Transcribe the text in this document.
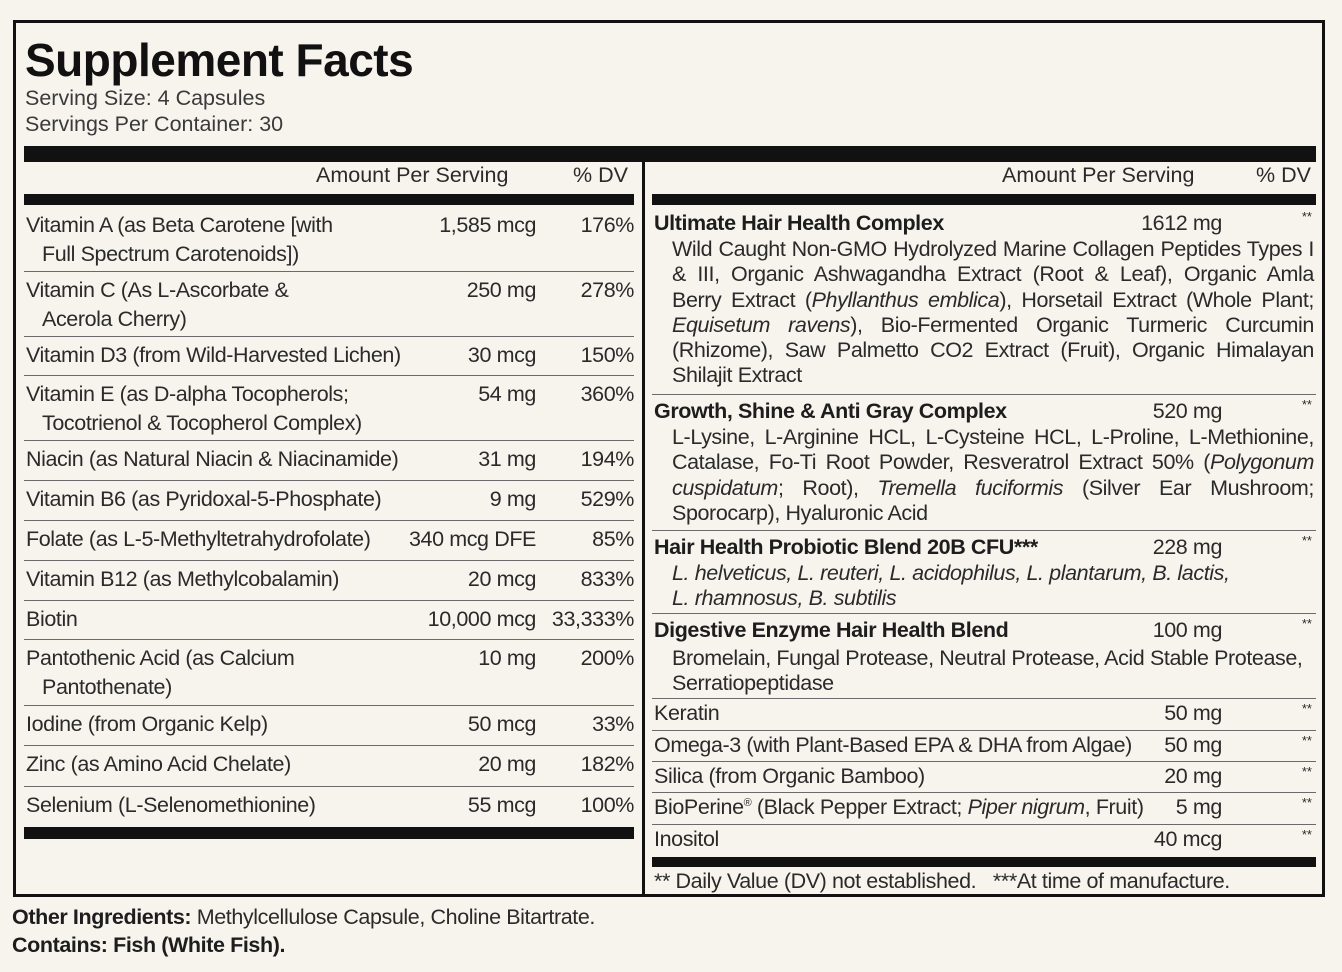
Supplement Facts
Serving Size: 4 Capsules
Servings Per Container: 30
Amount Per Serving	% DV	Amount Per Serving	% DV
Vitamin A (as Beta Carotene [with
Full Spectrum Carotenoids])
1,585 mcg 176%
Vitamin C (As L-Ascorbate &
Acerola Cherry)
250 mg 278%
Vitamin D3 (from Wild-Harvested Lichen)	30 mcg 150%
Vitamin E (as D-alpha Tocopherols;
Tocotrienol & Tocopherol Complex)
54 mg 360%
Niacin (as Natural Niacin & Niacinamide)	31 mg 194%
Vitamin B6 (as Pyridoxal-5-Phosphate)	9 mg 529%
Folate (as L-5-Methyltetrahydrofolate)	340 mcg DFE	85%
Vitamin B12 (as Methylcobalamin)	20 mcg 833%
Biotin	10,000 mcg 33,333%
Pantothenic Acid (as Calcium
Pantothenate)
10 mg 200%
Iodine (from Organic Kelp)	50 mcg	33%
Zinc (as Amino Acid Chelate)	20 mg 182%
Selenium (L-Selenomethionine)	55 mcg 100%
Ultimate Hair Health Complex	1612 mg	**
Wild Caught Non-GMO Hydrolyzed Marine Collagen Peptides Types I & III, Organic Ashwagandha Extract (Root & Leaf), Organic Amla Berry Extract (Phyllanthus emblica), Horsetail Extract (Whole Plant; Equisetum ravens), Bio-Fermented Organic Turmeric Curcumin (Rhizome), Saw Palmetto CO2 Extract (Fruit), Organic Himalayan Shilajit Extract
Growth, Shine & Anti Gray Complex	520 mg	**
L-Lysine, L-Arginine HCL, L-Cysteine HCL, L-Proline, L-Methionine, Catalase, Fo-Ti Root Powder, Resveratrol Extract 50% (Polygonum cuspidatum; Root), Tremella fuciformis (Silver Ear Mushroom; Sporocarp), Hyaluronic Acid
Hair Health Probiotic Blend 20B CFU***	228 mg	**
L. helveticus, L. reuteri, L. acidophilus, L. plantarum, B. lactis,
L. rhamnosus, B. subtilis
Digestive Enzyme Hair Health Blend	100 mg	**
Bromelain, Fungal Protease, Neutral Protease, Acid Stable Protease, Serratiopeptidase
Keratin	50 mg	**
Omega-3 (with Plant-Based EPA & DHA from Algae) 50 mg	**
Silica (from Organic Bamboo)	20 mg	**
BioPerine® (Black Pepper Extract; Piper nigrum, Fruit) 5 mg	**
Inositol	40 mcg	**
** Daily Value (DV) not established.   ***At time of manufacture.
Other Ingredients: Methylcellulose Capsule, Choline Bitartrate.
Contains: Fish (White Fish).
